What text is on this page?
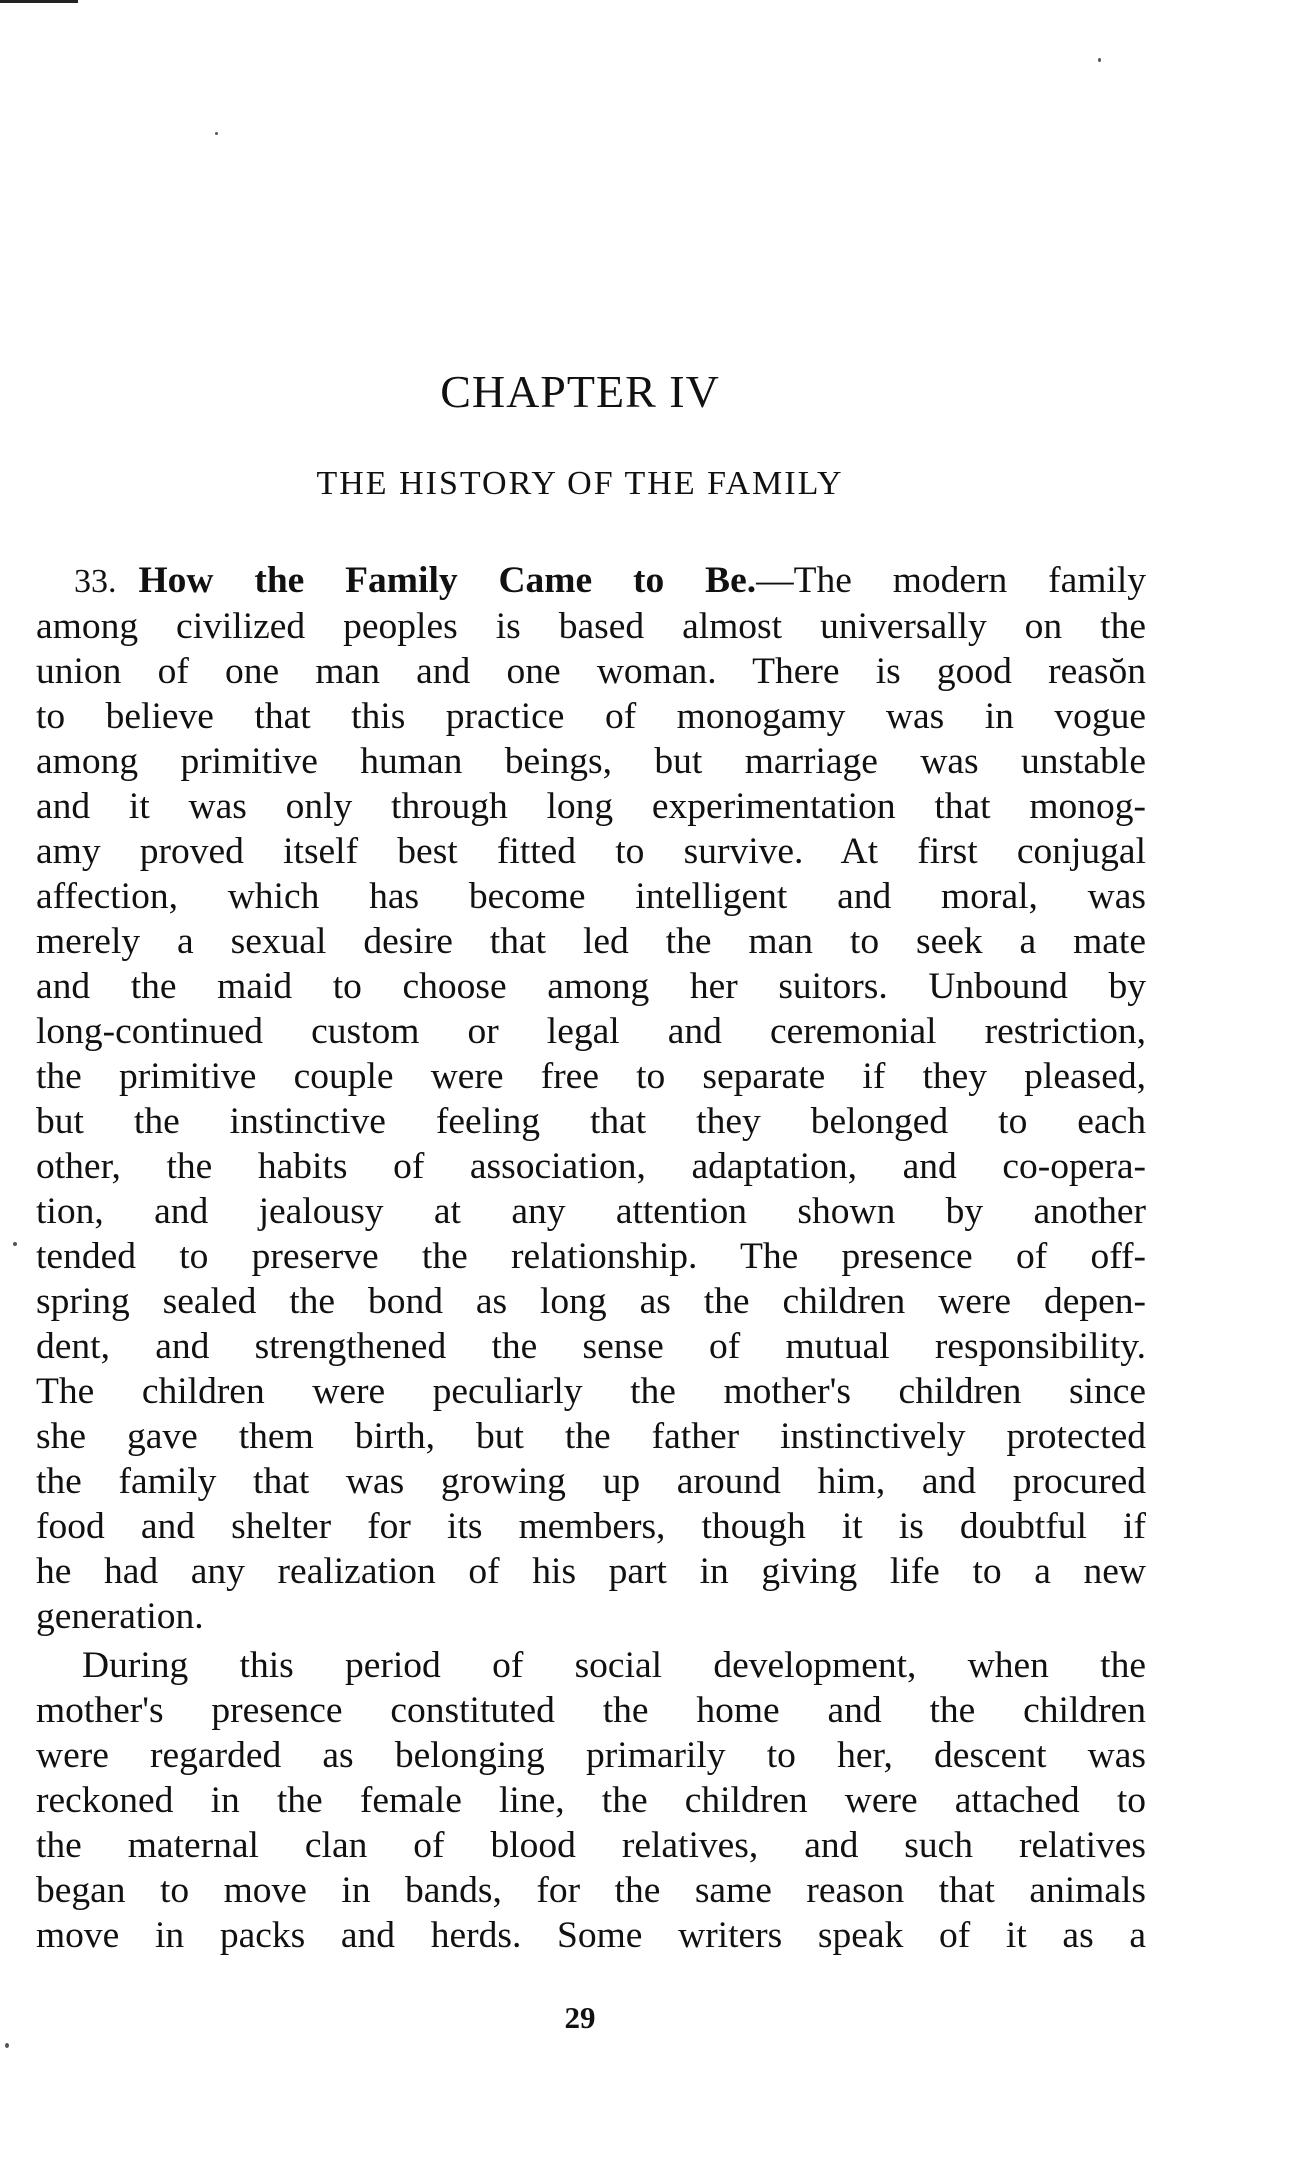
CHAPTER IV
THE HISTORY OF THE FAMILY
33. How the Family Came to Be.—The modern family
among civilized peoples is based almost universally on the
union of one man and one woman. There is good reasŏn
to believe that this practice of monogamy was in vogue
among primitive human beings, but marriage was unstable
and it was only through long experimentation that monog-
amy proved itself best fitted to survive. At first conjugal
affection, which has become intelligent and moral, was
merely a sexual desire that led the man to seek a mate
and the maid to choose among her suitors. Unbound by
long-continued custom or legal and ceremonial restriction,
the primitive couple were free to separate if they pleased,
but the instinctive feeling that they belonged to each
other, the habits of association, adaptation, and co-opera-
tion, and jealousy at any attention shown by another
tended to preserve the relationship. The presence of off-
spring sealed the bond as long as the children were depen-
dent, and strengthened the sense of mutual responsibility.
The children were peculiarly the mother's children since
she gave them birth, but the father instinctively protected
the family that was growing up around him, and procured
food and shelter for its members, though it is doubtful if
he had any realization of his part in giving life to a new
generation.
During this period of social development, when the
mother's presence constituted the home and the children
were regarded as belonging primarily to her, descent was
reckoned in the female line, the children were attached to
the maternal clan of blood relatives, and such relatives
began to move in bands, for the same reason that animals
move in packs and herds. Some writers speak of it as a
29
